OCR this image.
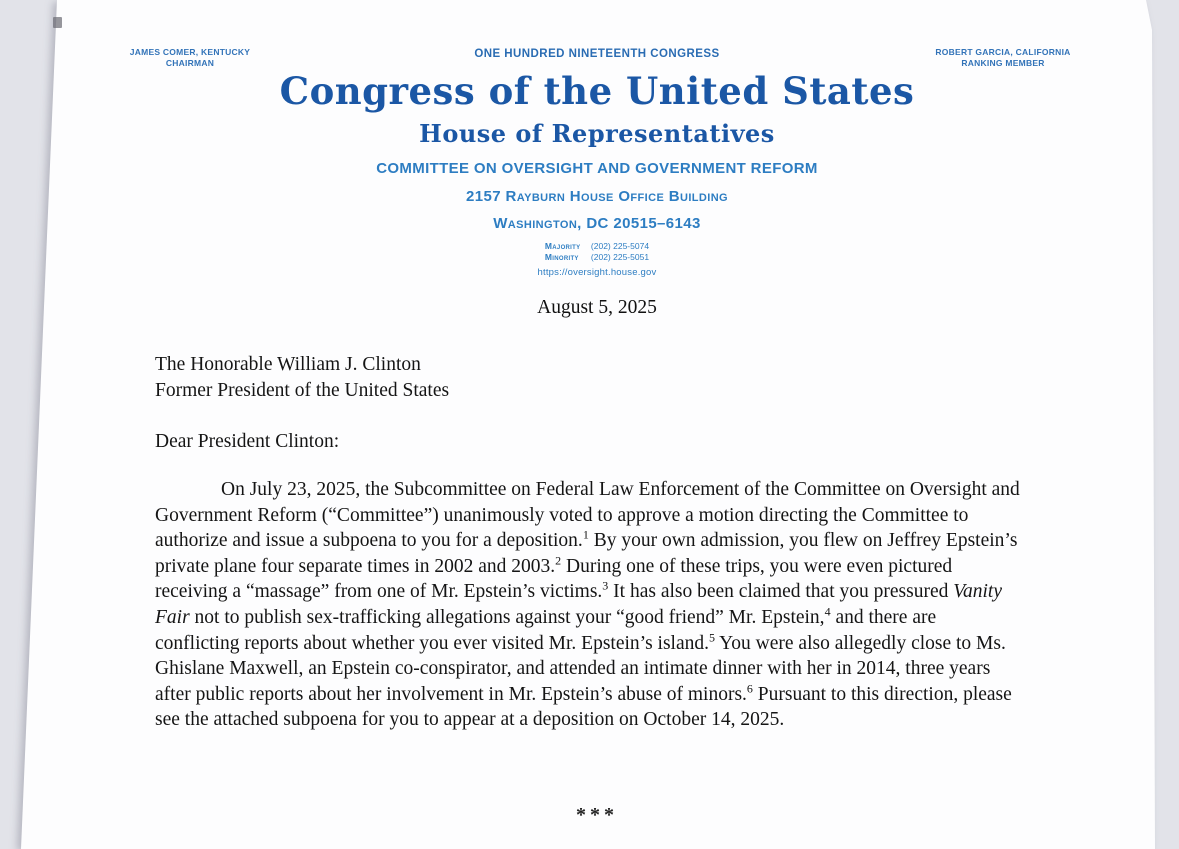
JAMES COMER, KENTUCKY
CHAIRMAN
ONE HUNDRED NINETEENTH CONGRESS	ROBERT GARCIA, CALIFORNIA
RANKING MEMBER
Congress of the United States
House of Representatives
COMMITTEE ON OVERSIGHT AND GOVERNMENT REFORM
2157 Rayburn House Office Building
Washington, DC 20515–6143
Majority (202) 225-5074
Minority (202) 225-5051
https://oversight.house.gov
August 5, 2025
The Honorable William J. Clinton
Former President of the United States
Dear President Clinton:
On July 23, 2025, the Subcommittee on Federal Law Enforcement of the Committee on Oversight and Government Reform (“Committee”) unanimously voted to approve a motion directing the Committee to authorize and issue a subpoena to you for a deposition.$^1$ By your own admission, you flew on Jeffrey Epstein’s private plane four separate times in 2002 and 2003.$^2$ During one of these trips, you were even pictured receiving a “massage” from one of Mr. Epstein’s victims.$^3$ It has also been claimed that you pressured Vanity Fair not to publish sex-trafficking allegations against your “good friend” Mr. Epstein,$^4$ and there are conflicting reports about whether you ever visited Mr. Epstein’s island.$^5$ You were also allegedly close to Ms. Ghislane Maxwell, an Epstein co-conspirator, and attended an intimate dinner with her in 2014, three years after public reports about her involvement in Mr. Epstein’s abuse of minors.$^6$ Pursuant to this direction, please see the attached subpoena for you to appear at a deposition on October 14, 2025.
***
